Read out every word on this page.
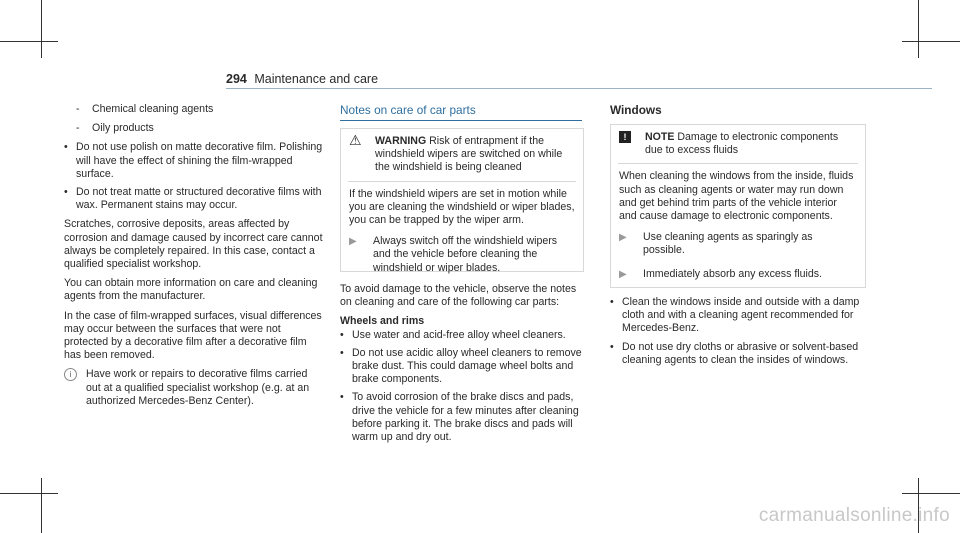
294 Maintenance and care
- Chemical cleaning agents
- Oily products
• Do not use polish on matte decorative film. Polishing will have the effect of shining the film-wrapped surface.
• Do not treat matte or structured decorative films with wax. Permanent stains may occur.

Scratches, corrosive deposits, areas affected by corrosion and damage caused by incorrect care cannot always be completely repaired. In this case, contact a qualified specialist workshop.

You can obtain more information on care and cleaning agents from the manufacturer.

In the case of film-wrapped surfaces, visual differences may occur between the surfaces that were not protected by a decorative film after a decorative film has been removed.

i	Have work or repairs to decorative films carried out at a qualified specialist workshop (e.g. at an authorized Mercedes-Benz Center).
Notes on care of car parts
⚠ WARNING Risk of entrapment if the windshield wipers are switched on while the windshield is being cleaned

If the windshield wipers are set in motion while you are cleaning the windshield or wiper blades, you can be trapped by the wiper arm.

▶ Always switch off the windshield wipers and the vehicle before cleaning the windshield or wiper blades.

To avoid damage to the vehicle, observe the notes on cleaning and care of the following car parts:

Wheels and rims

• Use water and acid-free alloy wheel cleaners.
• Do not use acidic alloy wheel cleaners to remove brake dust. This could damage wheel bolts and brake components.
• To avoid corrosion of the brake discs and pads, drive the vehicle for a few minutes after cleaning before parking it. The brake discs and pads will warm up and dry out.
Windows
!	NOTE Damage to electronic components due to excess fluids

When cleaning the windows from the inside, fluids such as cleaning agents or water may run down and get behind trim parts of the vehicle interior and cause damage to electronic components.

▶ Use cleaning agents as sparingly as possible.
▶ Immediately absorb any excess fluids.
• Clean the windows inside and outside with a damp cloth and with a cleaning agent recommended for Mercedes-Benz.
• Do not use dry cloths or abrasive or solvent-based cleaning agents to clean the insides of windows.
carmanualsonline.info
